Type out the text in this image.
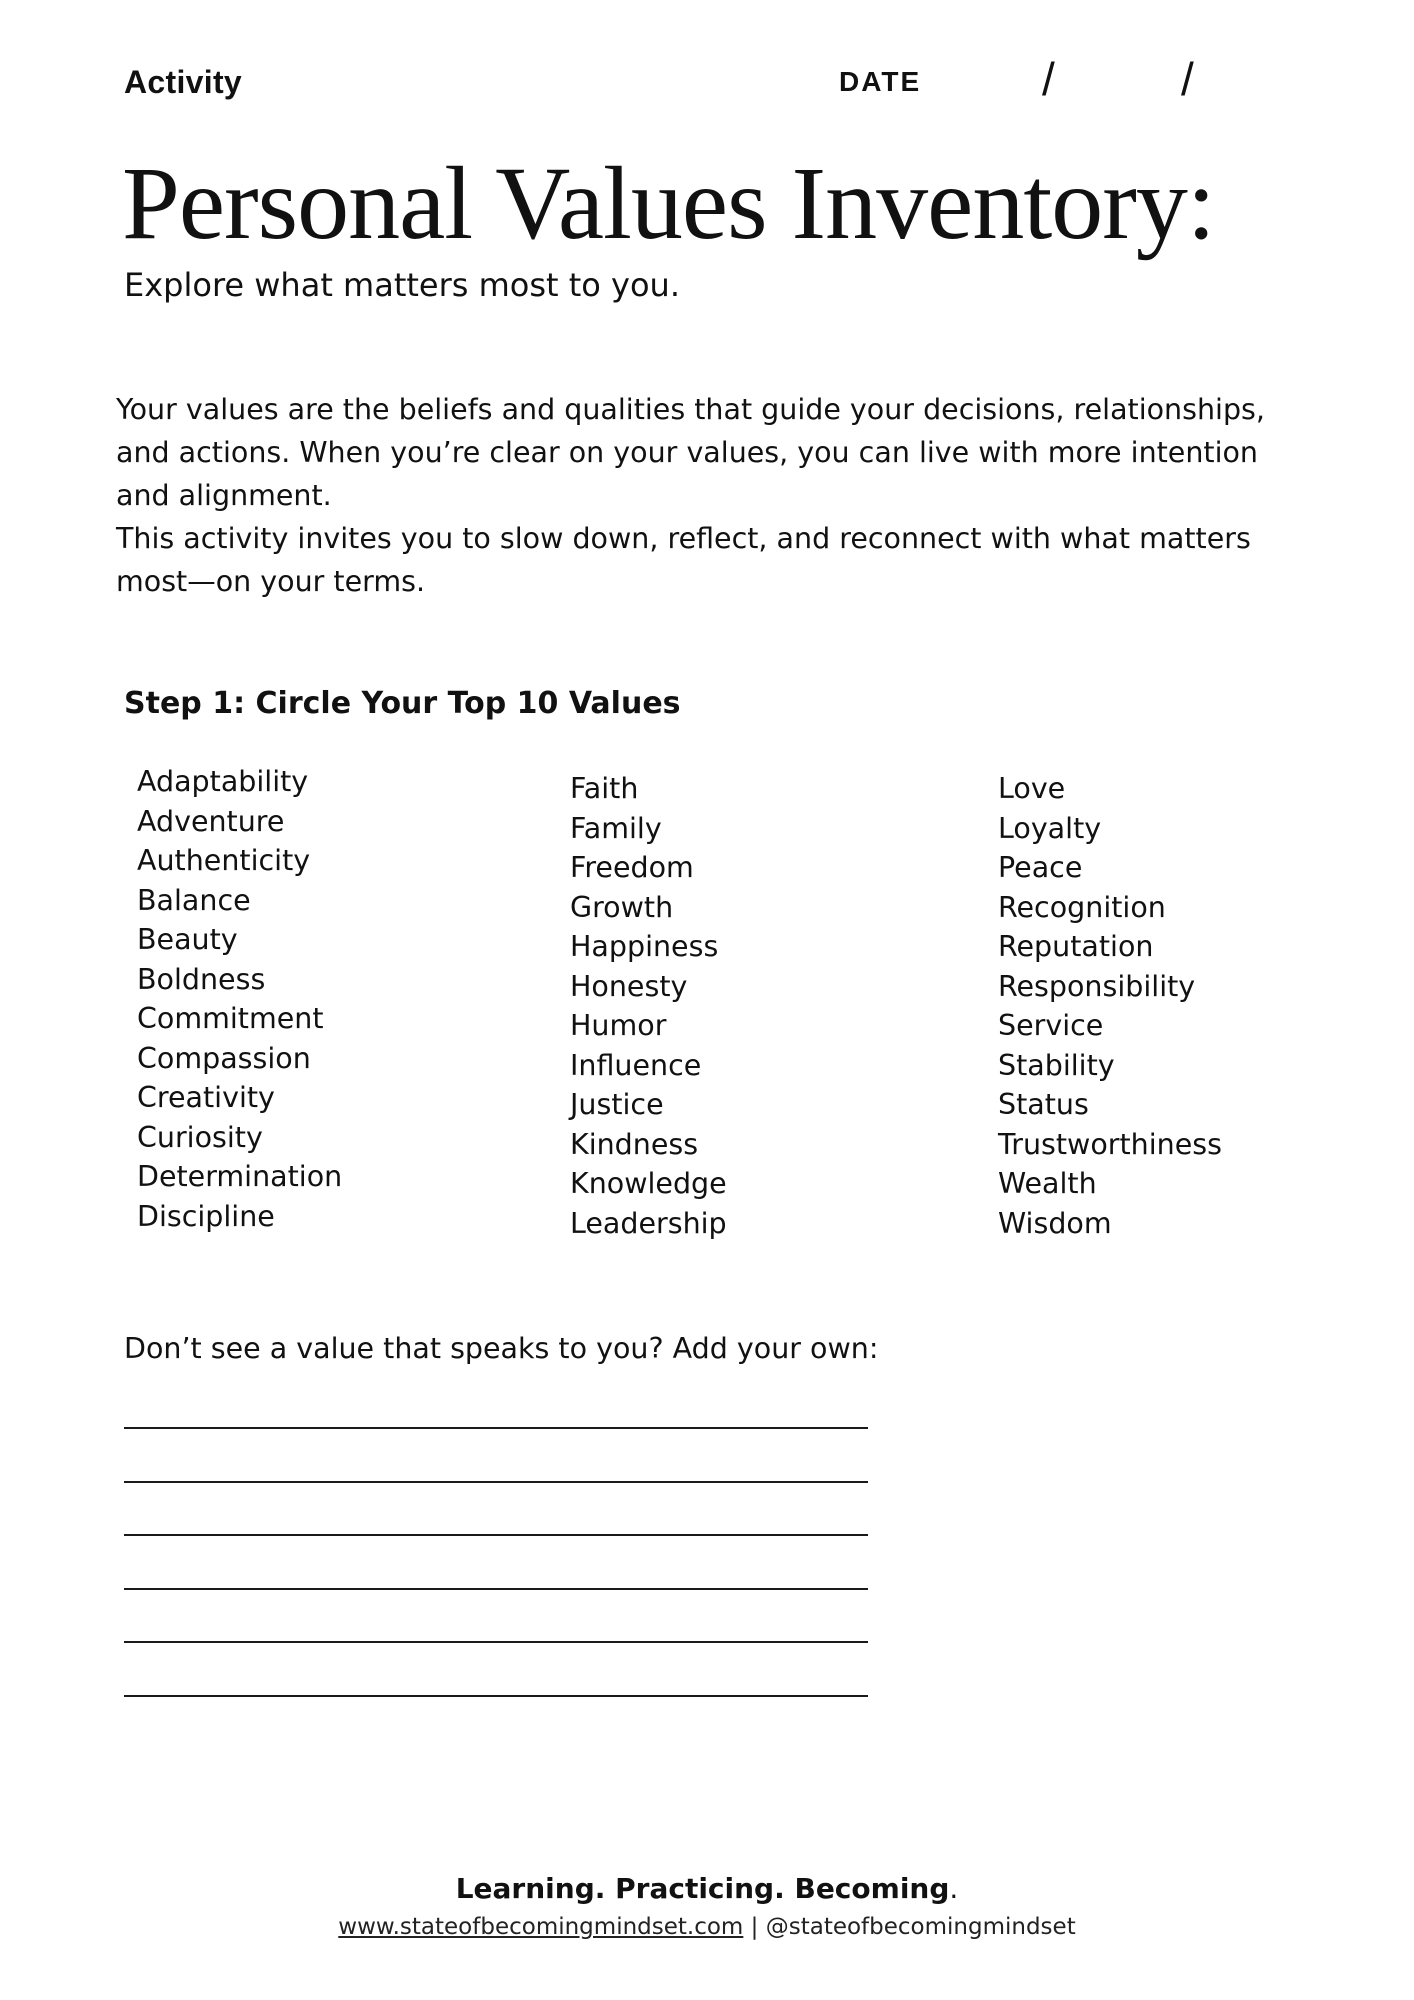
Activity	DATE	/	/
Personal Values Inventory:
Explore what matters most to you.

Your values are the beliefs and qualities that guide your decisions, relationships, and actions. When you’re clear on your values, you can live with more intention and alignment.

This activity invites you to slow down, reflect, and reconnect with what matters most—on your terms.

Step 1: Circle Your Top 10 Values
Adaptability
Adventure
Authenticity
Balance
Beauty
Boldness
Commitment
Compassion
Creativity
Curiosity
Determination
Discipline
Faith
Family
Freedom
Growth
Happiness
Honesty
Humor
Influence
Justice
Kindness
Knowledge
Leadership
Love
Loyalty
Peace
Recognition
Reputation
Responsibility
Service
Stability
Status
Trustworthiness
Wealth
Wisdom
Don’t see a value that speaks to you? Add your own:
Learning. Practicing. Becoming.
www.stateofbecomingmindset.com | @stateofbecomingmindset
